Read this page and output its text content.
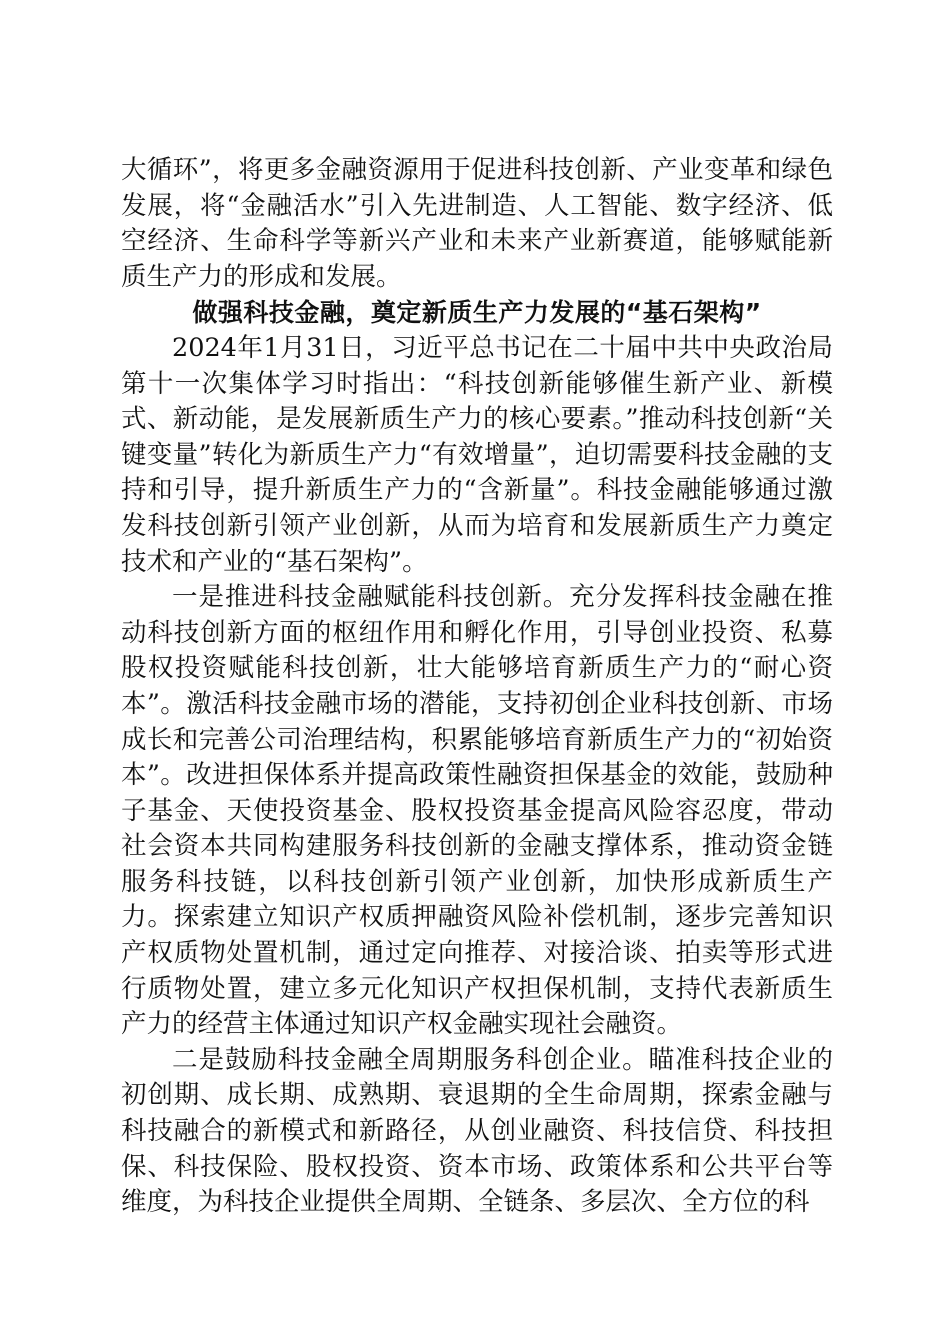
大循环”，将更多金融资源用于促进科技创新、产业变革和绿色发展，将“金融活水”引入先进制造、人工智能、数字经济、低空经济、生命科学等新兴产业和未来产业新赛道，能够赋能新质生产力的形成和发展。

做强科技金融，奠定新质生产力发展的“基石架构”

2024年1月31日，习近平总书记在二十届中共中央政治局第十一次集体学习时指出：“科技创新能够催生新产业、新模式、新动能，是发展新质生产力的核心要素。”推动科技创新“关键变量”转化为新质生产力“有效增量”，迫切需要科技金融的支持和引导，提升新质生产力的“含新量”。科技金融能够通过激发科技创新引领产业创新，从而为培育和发展新质生产力奠定技术和产业的“基石架构”。

一是推进科技金融赋能科技创新。充分发挥科技金融在推动科技创新方面的枢纽作用和孵化作用，引导创业投资、私募股权投资赋能科技创新，壮大能够培育新质生产力的“耐心资本”。激活科技金融市场的潜能，支持初创企业科技创新、市场成长和完善公司治理结构，积累能够培育新质生产力的“初始资本”。改进担保体系并提高政策性融资担保基金的效能，鼓励种子基金、天使投资基金、股权投资基金提高风险容忍度，带动社会资本共同构建服务科技创新的金融支撑体系，推动资金链服务科技链，以科技创新引领产业创新，加快形成新质生产力。探索建立知识产权质押融资风险补偿机制，逐步完善知识产权质物处置机制，通过定向推荐、对接洽谈、拍卖等形式进行质物处置，建立多元化知识产权担保机制，支持代表新质生产力的经营主体通过知识产权金融实现社会融资。

二是鼓励科技金融全周期服务科创企业。瞄准科技企业的初创期、成长期、成熟期、衰退期的全生命周期，探索金融与科技融合的新模式和新路径，从创业融资、科技信贷、科技担保、科技保险、股权投资、资本市场、政策体系和公共平台等维度，为科技企业提供全周期、全链条、多层次、全方位的科
